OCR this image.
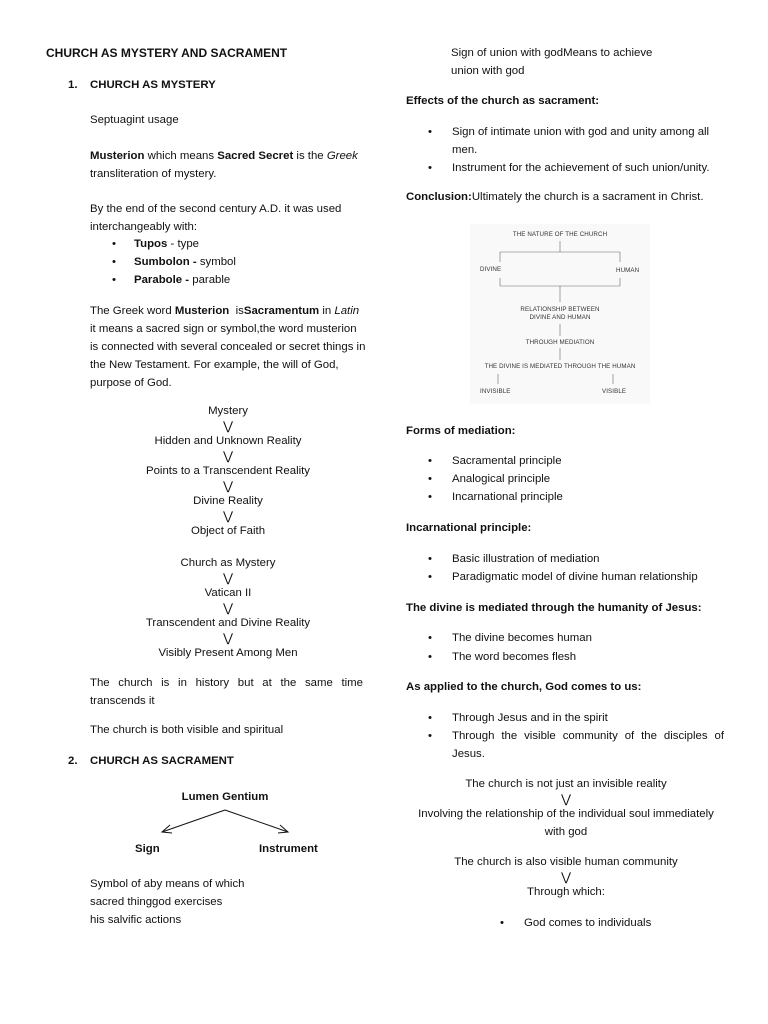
CHURCH AS MYSTERY AND SACRAMENT
1. CHURCH AS MYSTERY
Septuagint usage
Musterion which means Sacred Secret is the Greek
transliteration of mystery.
By the end of the second century A.D. it was used interchangeably with:
• Tupos - type
• Sumbolon - symbol
• Parabole - parable
The Greek word Musterion  isSacramentum in Latin it means a sacred sign or symbol,the word musterion is connected with several concealed or secret things in the New Testament. For example, the will of God, purpose of God.
Mystery
⋁
Hidden and Unknown Reality
⋁
Points to a Transcendent Reality
⋁
Divine Reality
⋁
Object of Faith
Church as Mystery
⋁
Vatican II
⋁
Transcendent and Divine Reality
⋁
Visibly Present Among Men
The church is in history but at the same time transcends it
The church is both visible and spiritual
2. CHURCH AS SACRAMENT
Lumen Gentium
Sign	Instrument
Symbol of aby means of which
sacred thinggod exercises
his salvific actions
Sign of union with godMeans to achieve
union with god
Effects of the church as sacrament:
• Sign of intimate union with god and unity among all men.
• Instrument for the achievement of such union/unity.
Conclusion:Ultimately the church is a sacrament in Christ.
THE NATURE OF THE CHURCH
DIVINE	HUMAN
RELATIONSHIP BETWEEN
DIVINE AND HUMAN
THROUGH MEDIATION
THE DIVINE IS MEDIATED THROUGH THE HUMAN
INVISIBLE	VISIBLE
Forms of mediation:
• Sacramental principle
• Analogical principle
• Incarnational principle
Incarnational principle:
• Basic illustration of mediation
• Paradigmatic model of divine human relationship
The divine is mediated through the humanity of Jesus:
• The divine becomes human
• The word becomes flesh
As applied to the church, God comes to us:
• Through Jesus and in the spirit
• Through the visible community of the disciples of Jesus.
The church is not just an invisible reality
⋁
Involving the relationship of the individual soul immediately with god
The church is also visible human community
⋁
Through which:
• God comes to individuals
